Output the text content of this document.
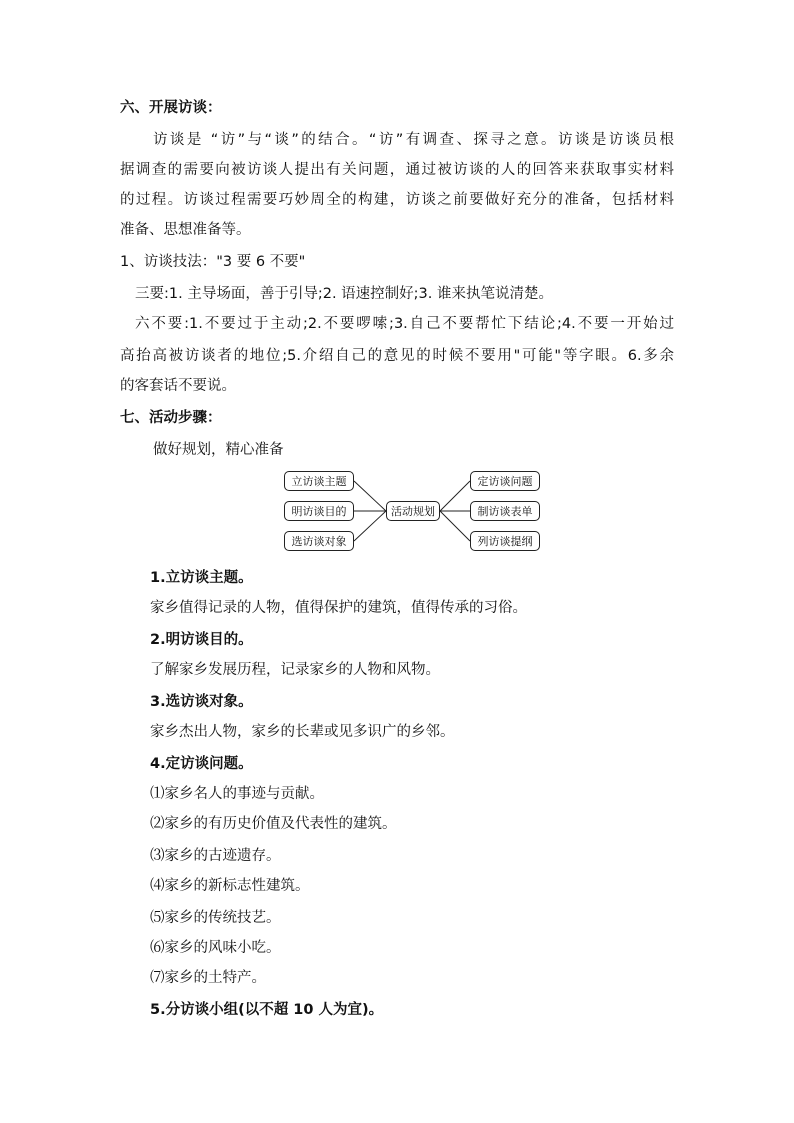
六、开展访谈：
访谈是 “访”与“谈”的结合。“访”有调查、探寻之意。访谈是访谈员根
据调查的需要向被访谈人提出有关问题，通过被访谈的人的回答来获取事实材料
的过程。访谈过程需要巧妙周全的构建，访谈之前要做好充分的准备，包括材料
准备、思想准备等。
1、访谈技法："3 要 6 不要"
三要:1. 主导场面，善于引导;2. 语速控制好;3. 谁来执笔说清楚。
六不要:1.不要过于主动;2.不要啰嗦;3.自己不要帮忙下结论;4.不要一开始过
高抬高被访谈者的地位;5.介绍自己的意见的时候不要用"可能"等字眼。6.多余
的客套话不要说。
七、活动步骤：
做好规划，精心准备
立访谈主题
明访谈目的
选访谈对象
活动规划
定访谈问题
制访谈表单
列访谈提纲
1.立访谈主题。
家乡值得记录的人物，值得保护的建筑，值得传承的习俗。
2.明访谈目的。
了解家乡发展历程，记录家乡的人物和风物。
3.选访谈对象。
家乡杰出人物，家乡的长辈或见多识广的乡邻。
4.定访谈问题。
⑴家乡名人的事迹与贡献。
⑵家乡的有历史价值及代表性的建筑。
⑶家乡的古迹遗存。
⑷家乡的新标志性建筑。
⑸家乡的传统技艺。
⑹家乡的风味小吃。
⑺家乡的土特产。
5.分访谈小组(以不超 10 人为宜)。
